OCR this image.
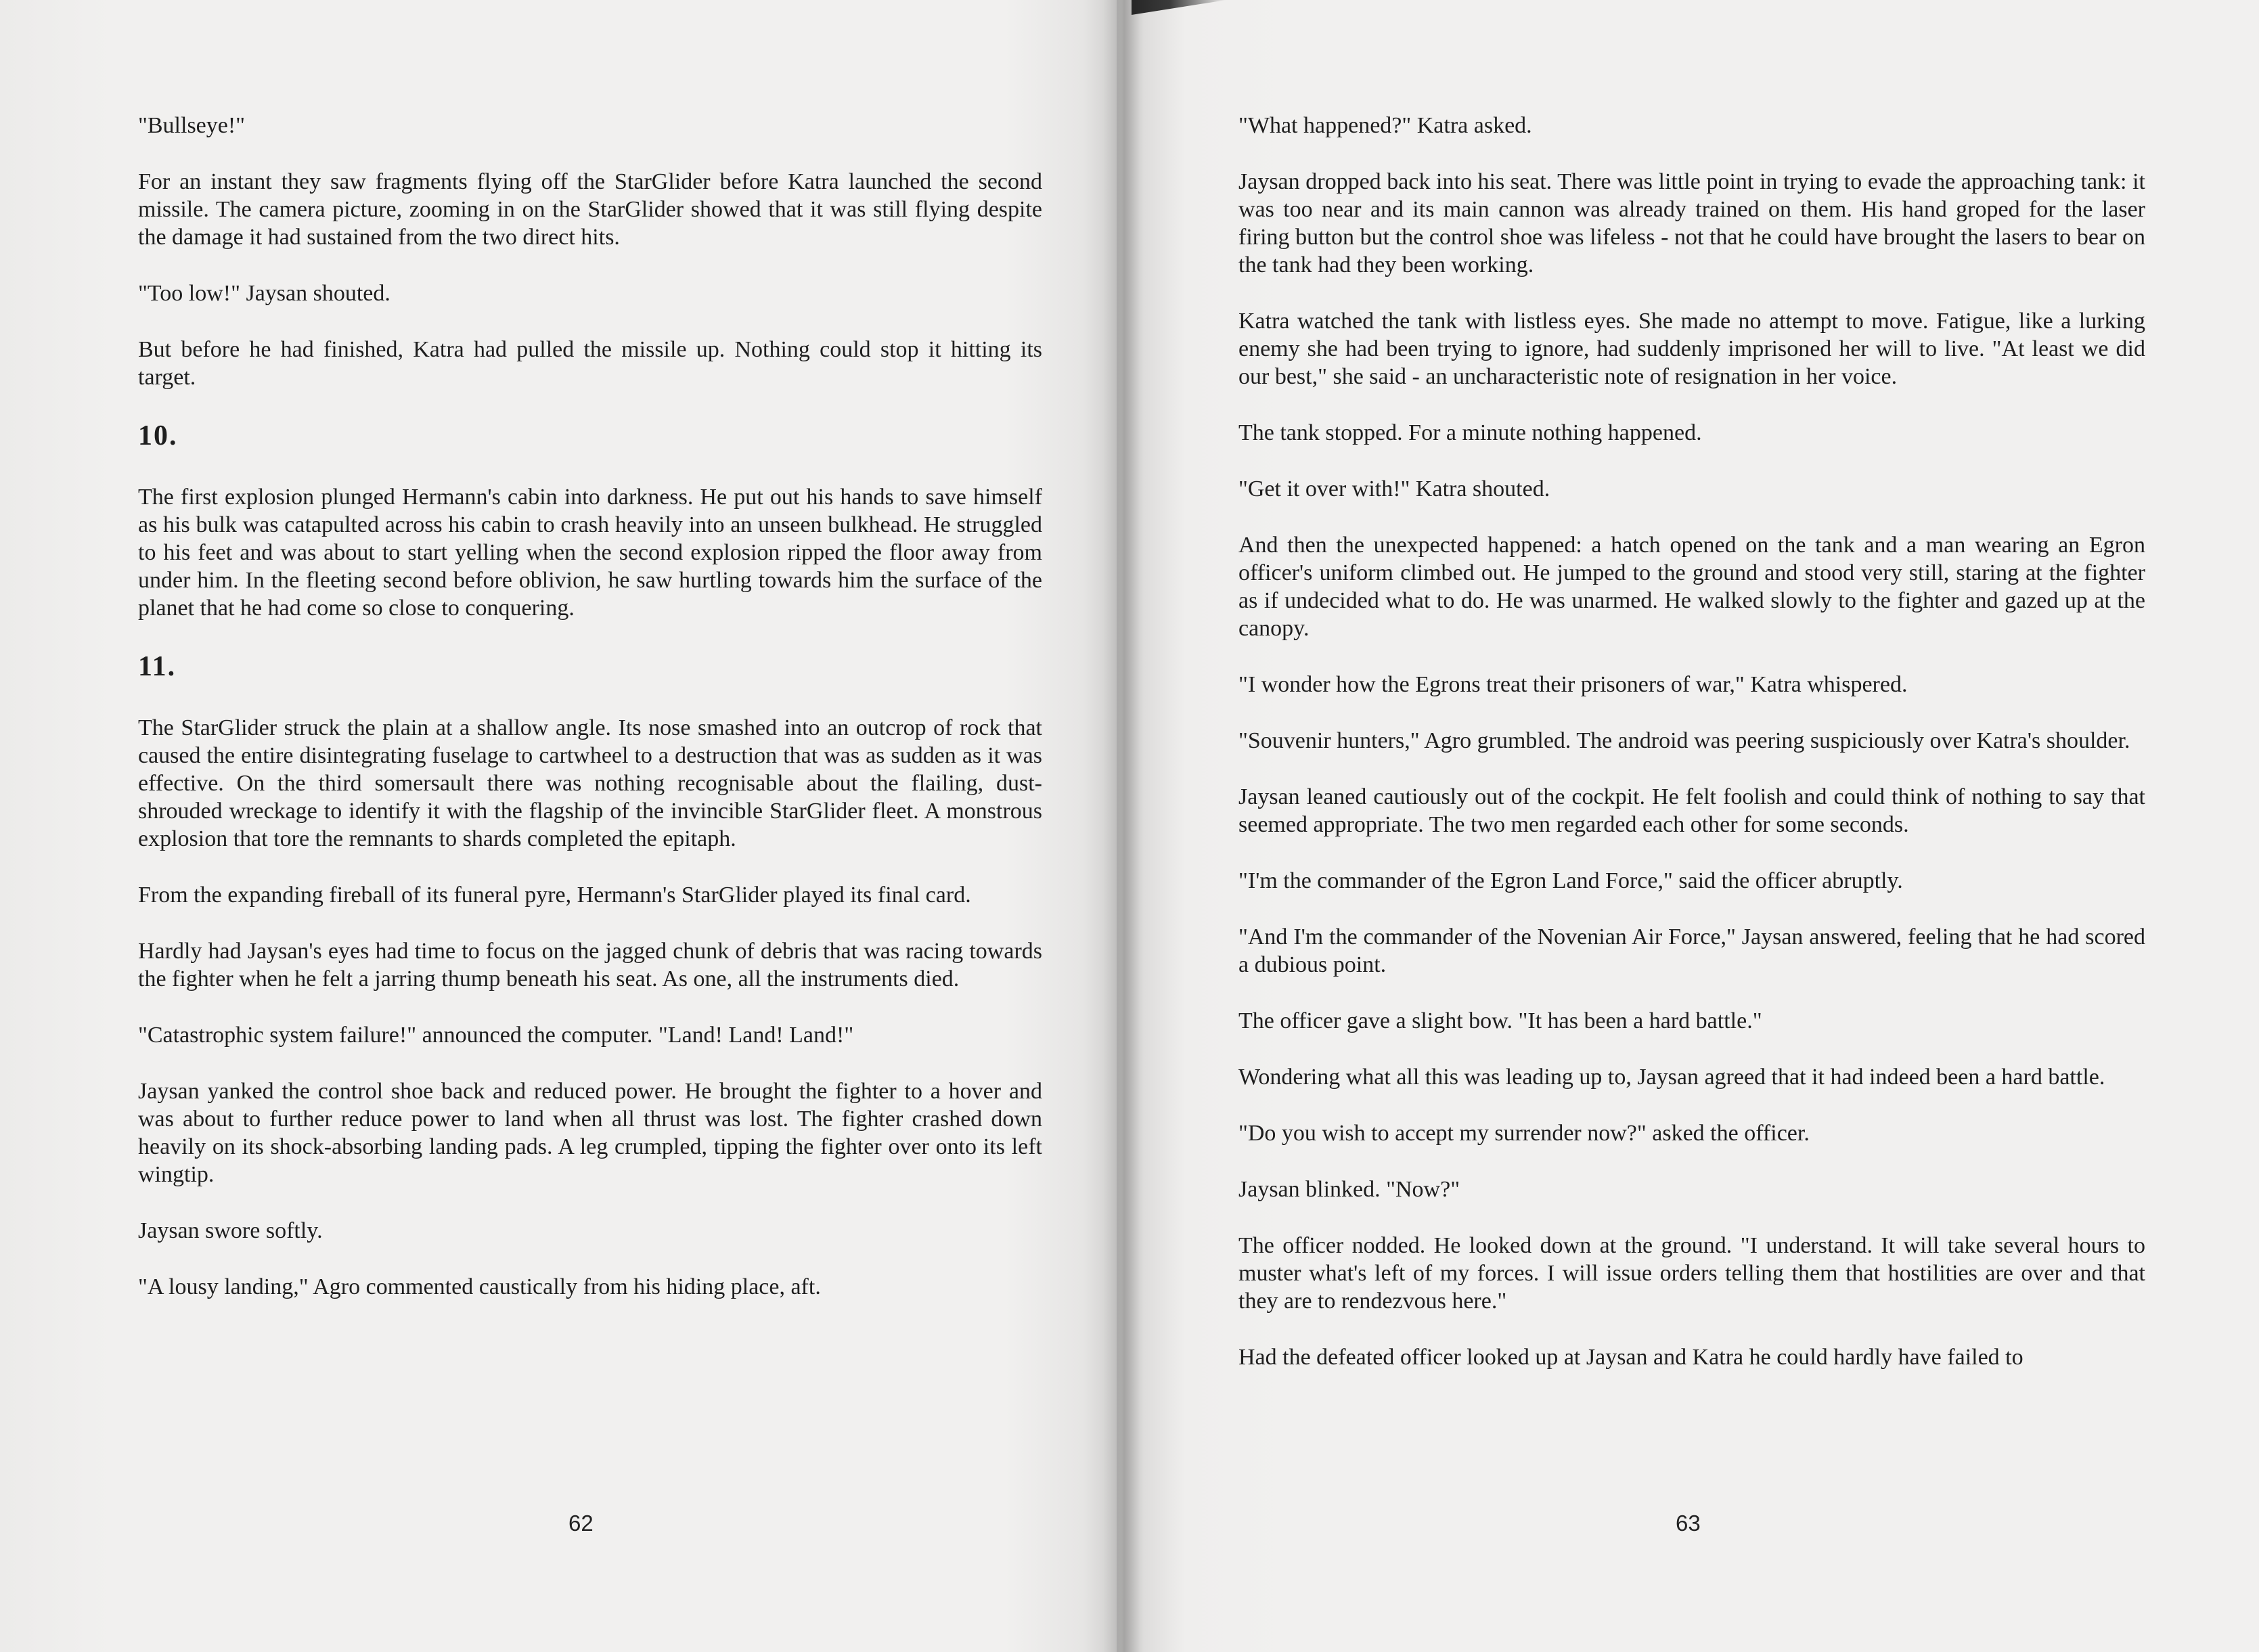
"Bullseye!"

For an instant they saw fragments flying off the StarGlider before Katra launched the second missile. The camera picture, zooming in on the StarGlider showed that it was still flying despite the damage it had sustained from the two direct hits.

"Too low!" Jaysan shouted.

But before he had finished, Katra had pulled the missile up. Nothing could stop it hitting its target.

10.

The first explosion plunged Hermann's cabin into darkness. He put out his hands to save himself as his bulk was catapulted across his cabin to crash heavily into an unseen bulkhead. He struggled to his feet and was about to start yelling when the second explosion ripped the floor away from under him. In the fleeting second before oblivion, he saw hurtling towards him the surface of the planet that he had come so close to conquering.

11.

The StarGlider struck the plain at a shallow angle. Its nose smashed into an outcrop of rock that caused the entire disintegrating fuselage to cartwheel to a destruction that was as sudden as it was effective. On the third somersault there was nothing recognisable about the flailing, dust-shrouded wreckage to identify it with the flagship of the invincible StarGlider fleet. A monstrous explosion that tore the remnants to shards completed the epitaph.

From the expanding fireball of its funeral pyre, Hermann's StarGlider played its final card.

Hardly had Jaysan's eyes had time to focus on the jagged chunk of debris that was racing towards the fighter when he felt a jarring thump beneath his seat. As one, all the instruments died.

"Catastrophic system failure!" announced the computer. "Land! Land! Land!"

Jaysan yanked the control shoe back and reduced power. He brought the fighter to a hover and was about to further reduce power to land when all thrust was lost. The fighter crashed down heavily on its shock-absorbing landing pads. A leg crumpled, tipping the fighter over onto its left wingtip.

Jaysan swore softly.

"A lousy landing," Agro commented caustically from his hiding place, aft.

62

"What happened?" Katra asked.

Jaysan dropped back into his seat. There was little point in trying to evade the approaching tank: it was too near and its main cannon was already trained on them. His hand groped for the laser firing button but the control shoe was lifeless - not that he could have brought the lasers to bear on the tank had they been working.

Katra watched the tank with listless eyes. She made no attempt to move. Fatigue, like a lurking enemy she had been trying to ignore, had suddenly imprisoned her will to live. "At least we did our best," she said - an uncharacteristic note of resignation in her voice.

The tank stopped. For a minute nothing happened.

"Get it over with!" Katra shouted.

And then the unexpected happened: a hatch opened on the tank and a man wearing an Egron officer's uniform climbed out. He jumped to the ground and stood very still, staring at the fighter as if undecided what to do. He was unarmed. He walked slowly to the fighter and gazed up at the canopy.

"I wonder how the Egrons treat their prisoners of war," Katra whispered.

"Souvenir hunters," Agro grumbled. The android was peering suspiciously over Katra's shoulder.

Jaysan leaned cautiously out of the cockpit. He felt foolish and could think of nothing to say that seemed appropriate. The two men regarded each other for some seconds.

"I'm the commander of the Egron Land Force," said the officer abruptly.

"And I'm the commander of the Novenian Air Force," Jaysan answered, feeling that he had scored a dubious point.

The officer gave a slight bow. "It has been a hard battle."

Wondering what all this was leading up to, Jaysan agreed that it had indeed been a hard battle.

"Do you wish to accept my surrender now?" asked the officer.

Jaysan blinked. "Now?"

The officer nodded. He looked down at the ground. "I understand. It will take several hours to muster what's left of my forces. I will issue orders telling them that hostilities are over and that they are to rendezvous here."

Had the defeated officer looked up at Jaysan and Katra he could hardly have failed to

63
